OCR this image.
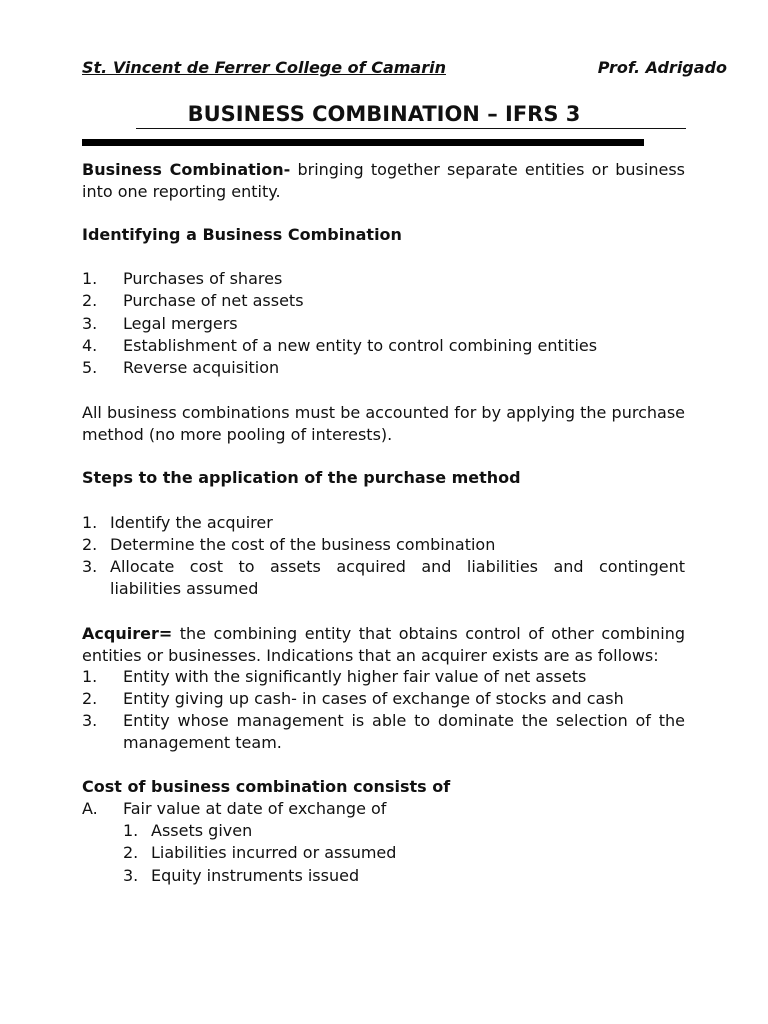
St. Vincent de Ferrer College of Camarin	Prof. Adrigado
BUSINESS COMBINATION – IFRS 3
Business Combination- bringing together separate entities or business into one reporting entity.
Identifying a Business Combination
1. Purchases of shares
2. Purchase of net assets
3. Legal mergers
4. Establishment of a new entity to control combining entities
5. Reverse acquisition
All business combinations must be accounted for by applying the purchase method (no more pooling of interests).
Steps to the application of the purchase method
1. Identify the acquirer
2. Determine the cost of the business combination
3. Allocate cost to assets acquired and liabilities and contingent
liabilities assumed
Acquirer= the combining entity that obtains control of other combining entities or businesses. Indications that an acquirer exists are as follows:
1. Entity with the significantly higher fair value of net assets
2. Entity giving up cash- in cases of exchange of stocks and cash
3. Entity whose management is able to dominate the selection of the
management team.
Cost of business combination consists of
A. Fair value at date of exchange of
1. Assets given
2. Liabilities incurred or assumed
3. Equity instruments issued
